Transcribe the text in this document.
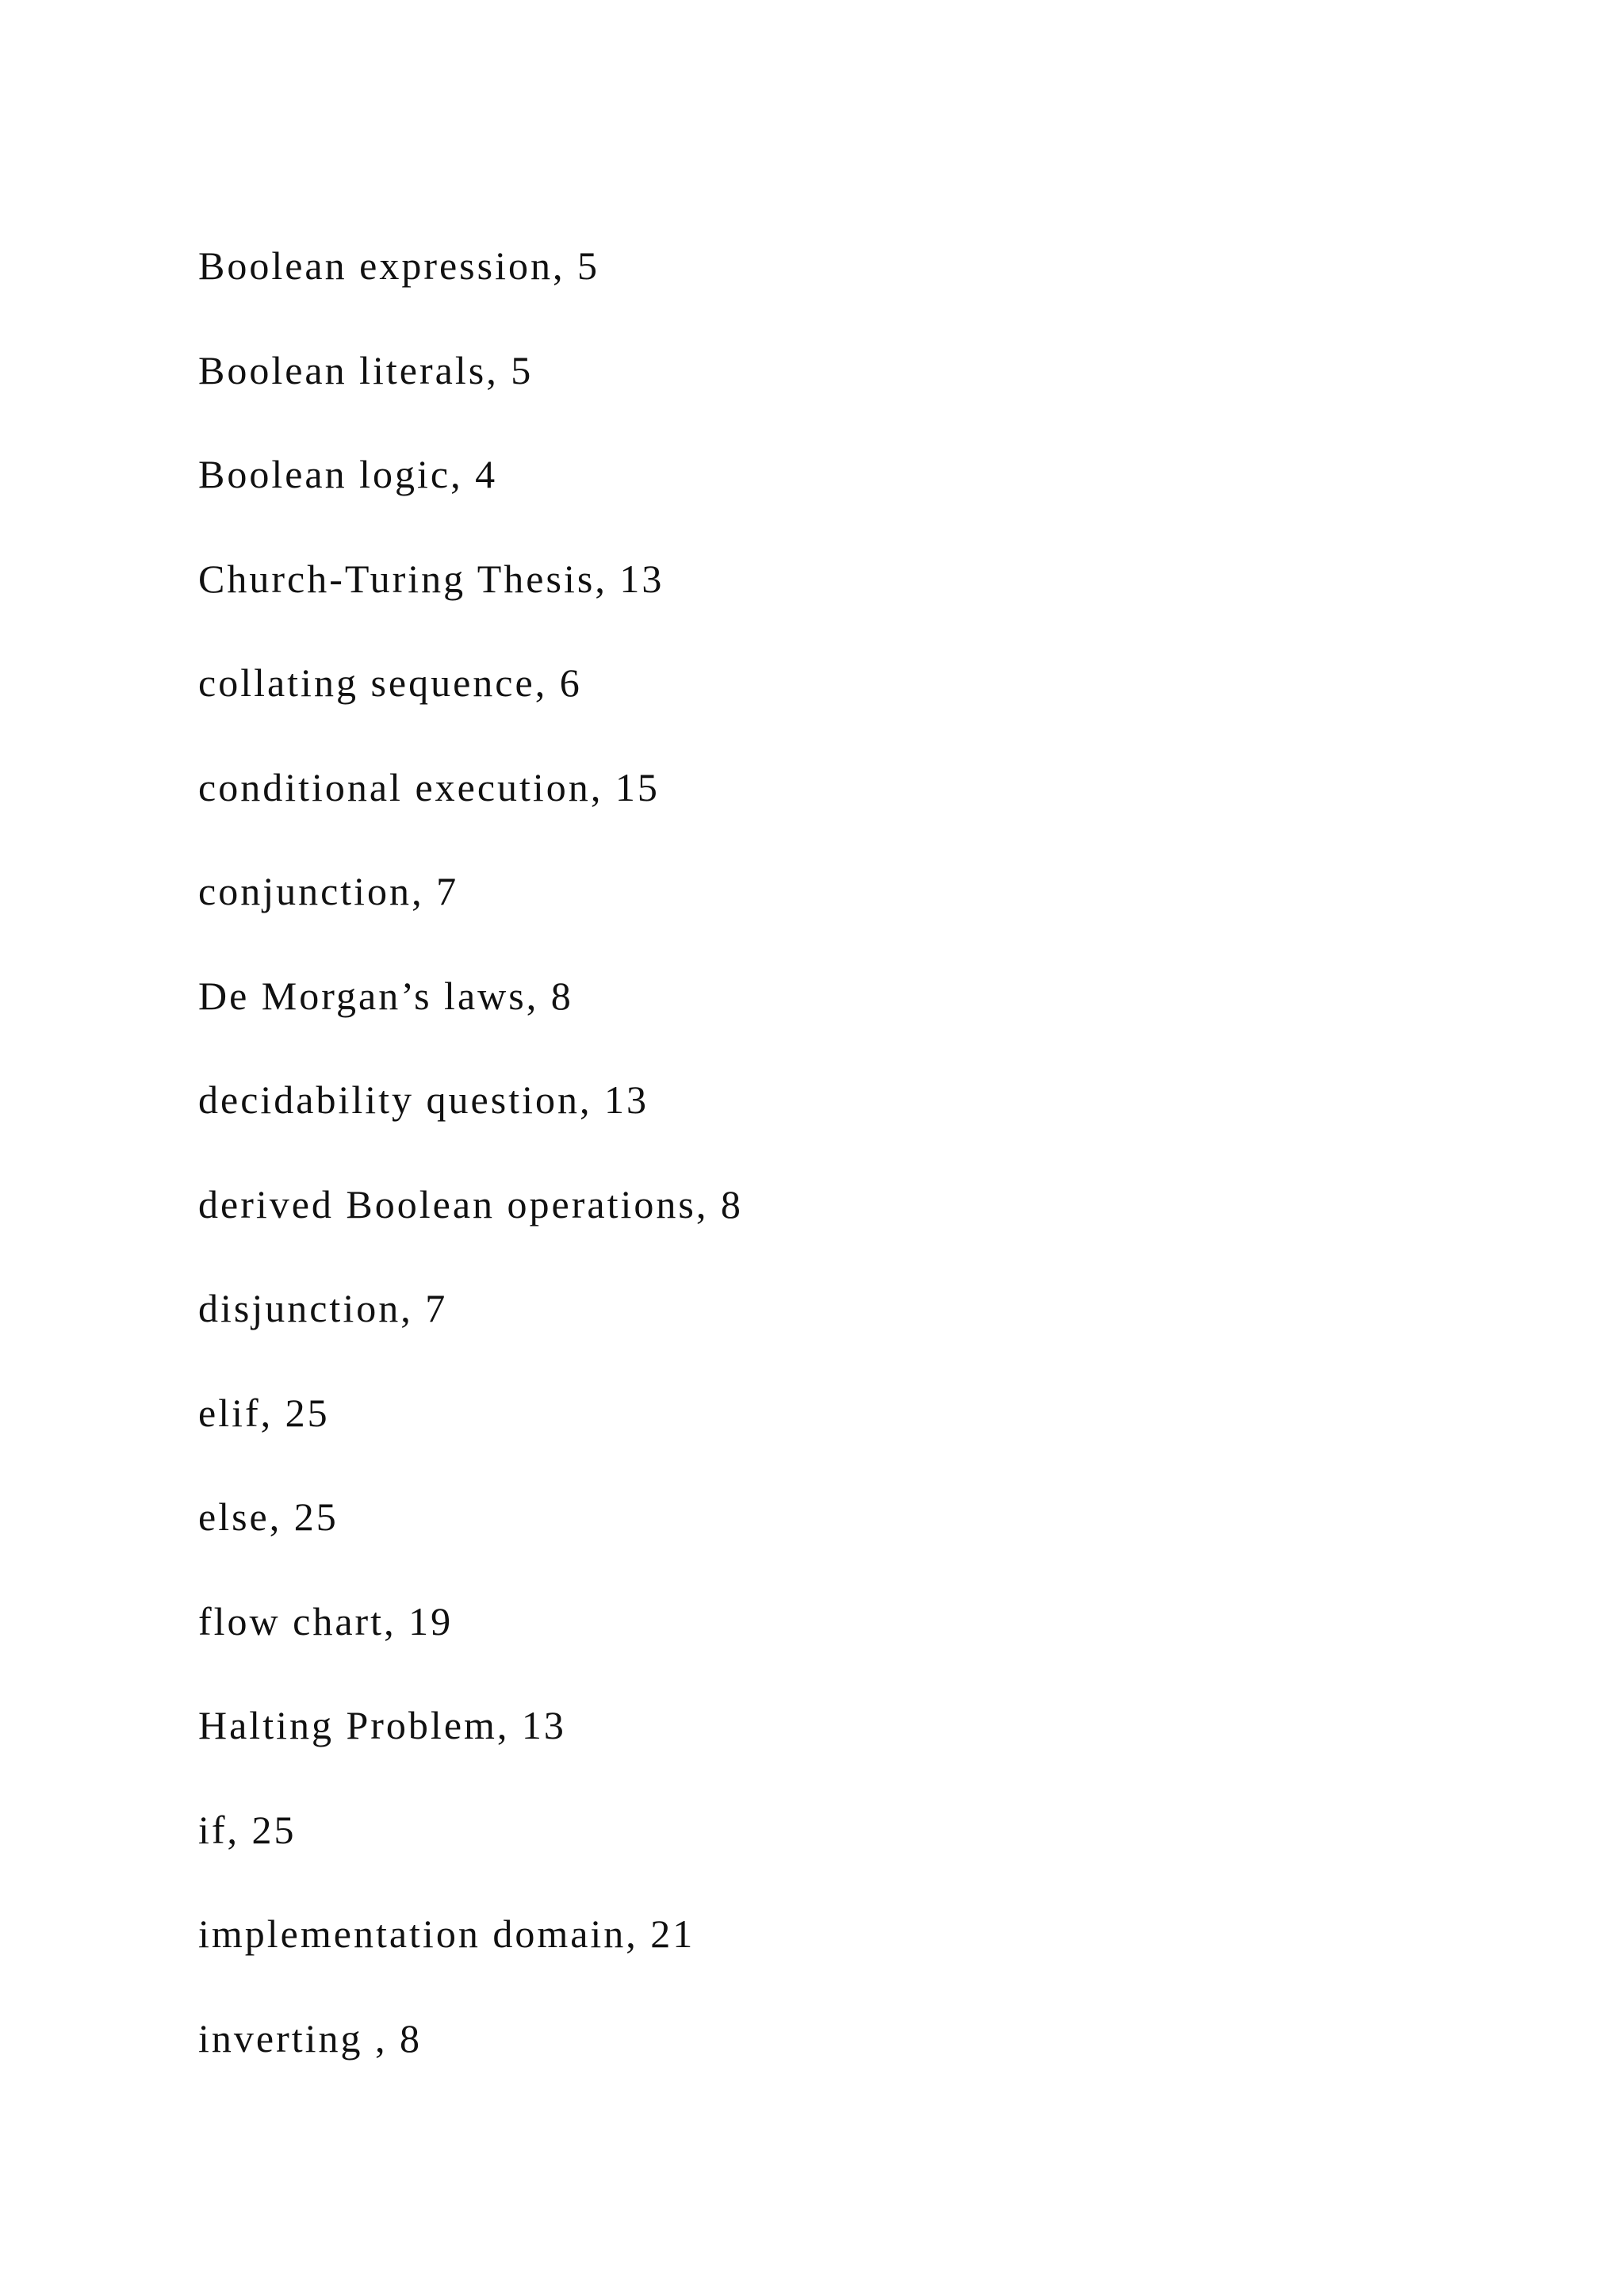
Boolean expression, 5
Boolean literals, 5
Boolean logic, 4
Church-Turing Thesis, 13
collating sequence, 6
conditional execution, 15
conjunction, 7
De Morgan’s laws, 8
decidability question, 13
derived Boolean operations, 8
disjunction, 7
elif, 25
else, 25
flow chart, 19
Halting Problem, 13
if, 25
implementation domain, 21
inverting , 8
